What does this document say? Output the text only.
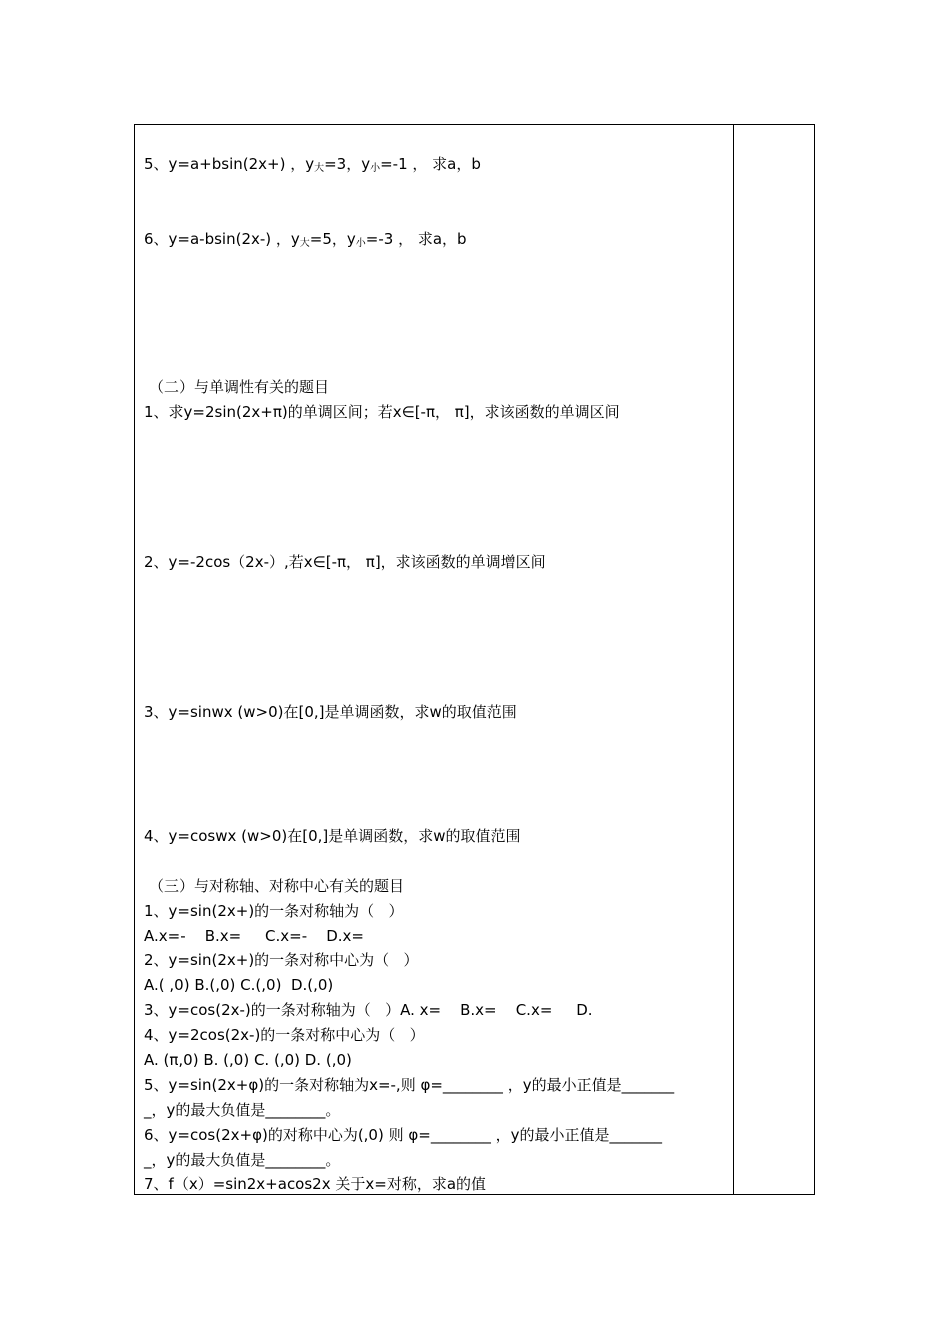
5、y=a+bsin(2x+) ，$y_大=3$，$y_小=-1$ ， 求a，b
6、y=a-bsin(2x-) ，$y_大=5$，$y_小=-3$ ， 求a，b
（二）与单调性有关的题目
1、求y=2sin(2x+π)的单调区间；若x∈[-π， π]，求该函数的单调区间
2、y=-2cos（2x-）,若x∈[-π， π]，求该函数的单调增区间
3、y=sinwx (w>0)在[0,]是单调函数，求w的取值范围
4、y=coswx (w>0)在[0,]是单调函数，求w的取值范围
（三）与对称轴、对称中心有关的题目
1、y=sin(2x+)的一条对称轴为（   ）
A.x=-    B.x=     C.x=-    D.x=
2、y=sin(2x+)的一条对称中心为（   ）
A.( ,0) B.(,0) C.(,0)  D.(,0)
3、y=cos(2x-)的一条对称轴为（   ）A. x=    B.x=    C.x=     D.
4、y=2cos(2x-)的一条对称中心为（   ）
A. (π,0) B. (,0) C. (,0) D. (,0)
5、y=sin(2x+φ)的一条对称轴为x=-,则 φ=________ ，y的最小正值是_______
_，y的最大负值是________。
6、y=cos(2x+φ)的对称中心为(,0) 则 φ=________ ，y的最小正值是_______
_，y的最大负值是________。
7、f（x）=sin2x+acos2x 关于x=对称，求a的值
